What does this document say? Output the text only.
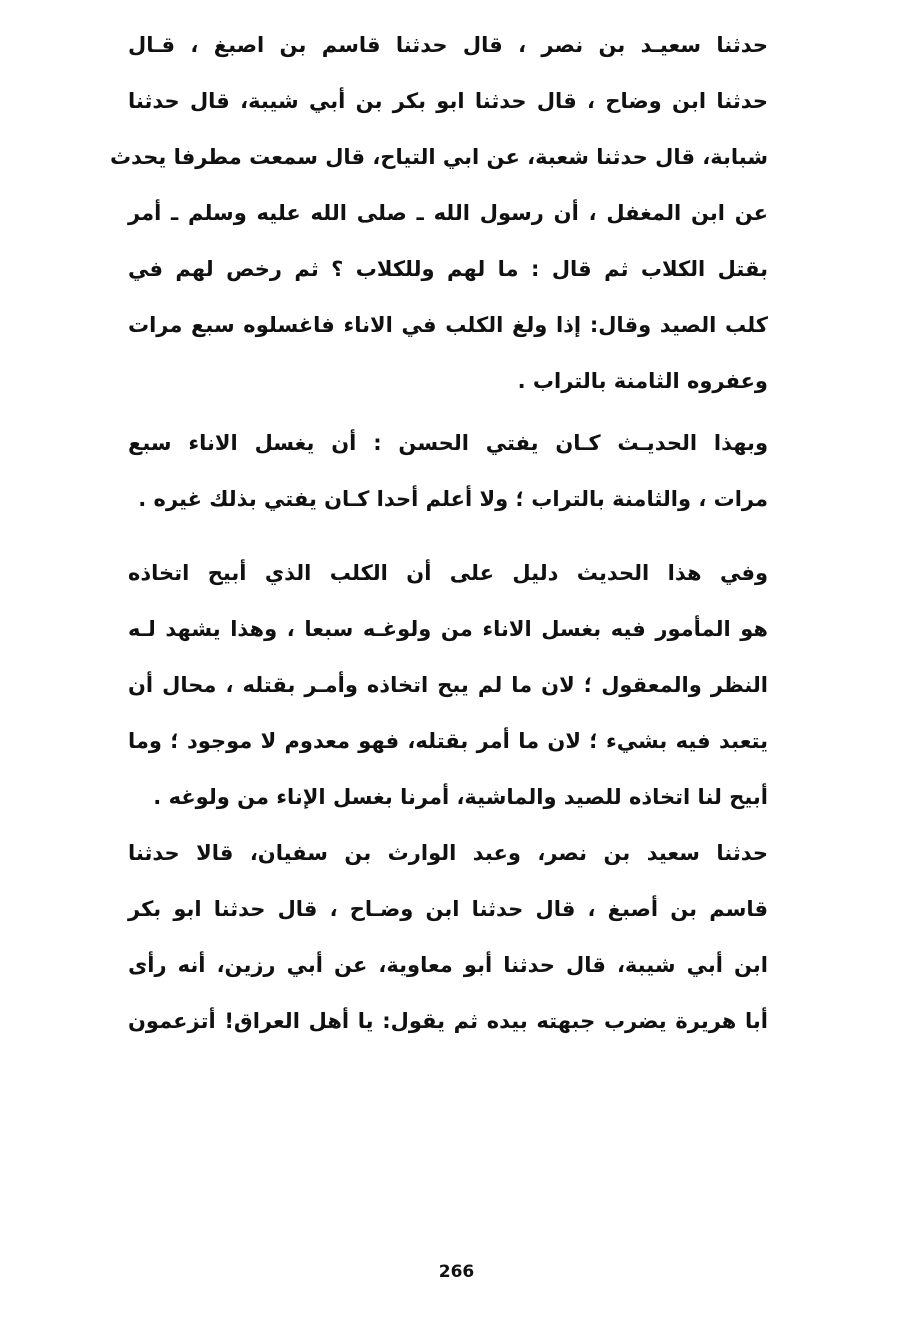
حدثنا سعيـد بن نصر ، قال حدثنا قاسم بن اصبغ ، قـال
حدثنا ابن وضاح ، قال حدثنا ابو بكر بن أبي شيبة، قال حدثنا
شبابة، قال حدثنا شعبة، عن ابي التياح، قال سمعت مطرفا يحدث
عن ابن المغفل ، أن رسول الله ـ صلى الله عليه وسلم ـ أمر
بقتل الكلاب ثم قال : ما لهم وللكلاب ؟ ثم رخص لهم في
كلب الصيد وقال: إذا ولغ الكلب في الاناء فاغسلوه سبع مرات
وعفروه الثامنة بالتراب .
وبهذا الحديـث كـان يفتي الحسن : أن يغسل الاناء سبع
مرات ، والثامنة بالتراب ؛ ولا أعلم أحدا كـان يفتي بذلك غيره .
وفي هذا الحديث دليل على أن الكلب الذي أبيح اتخاذه
هو المأمور فيه بغسل الاناء من ولوغـه سبعا ، وهذا يشهد لـه
النظر والمعقول ؛ لان ما لم يبح اتخاذه وأمـر بقتله ، محال أن
يتعبد فيه بشيء ؛ لان ما أمر بقتله، فهو معدوم لا موجود ؛ وما
أبيح لنا اتخاذه للصيد والماشية، أمرنا بغسل الإناء من ولوغه .
حدثنا سعيد بن نصر، وعبد الوارث بن سفيان، قالا حدثنا
قاسم بن أصبغ ، قال حدثنا ابن وضـاح ، قال حدثنا ابو بكر
ابن أبي شيبة، قال حدثنا أبو معاوية، عن أبي رزين، أنه رأى
أبا هريرة يضرب جبهته بيده ثم يقول: يا أهل العراق! أتزعمون
266
